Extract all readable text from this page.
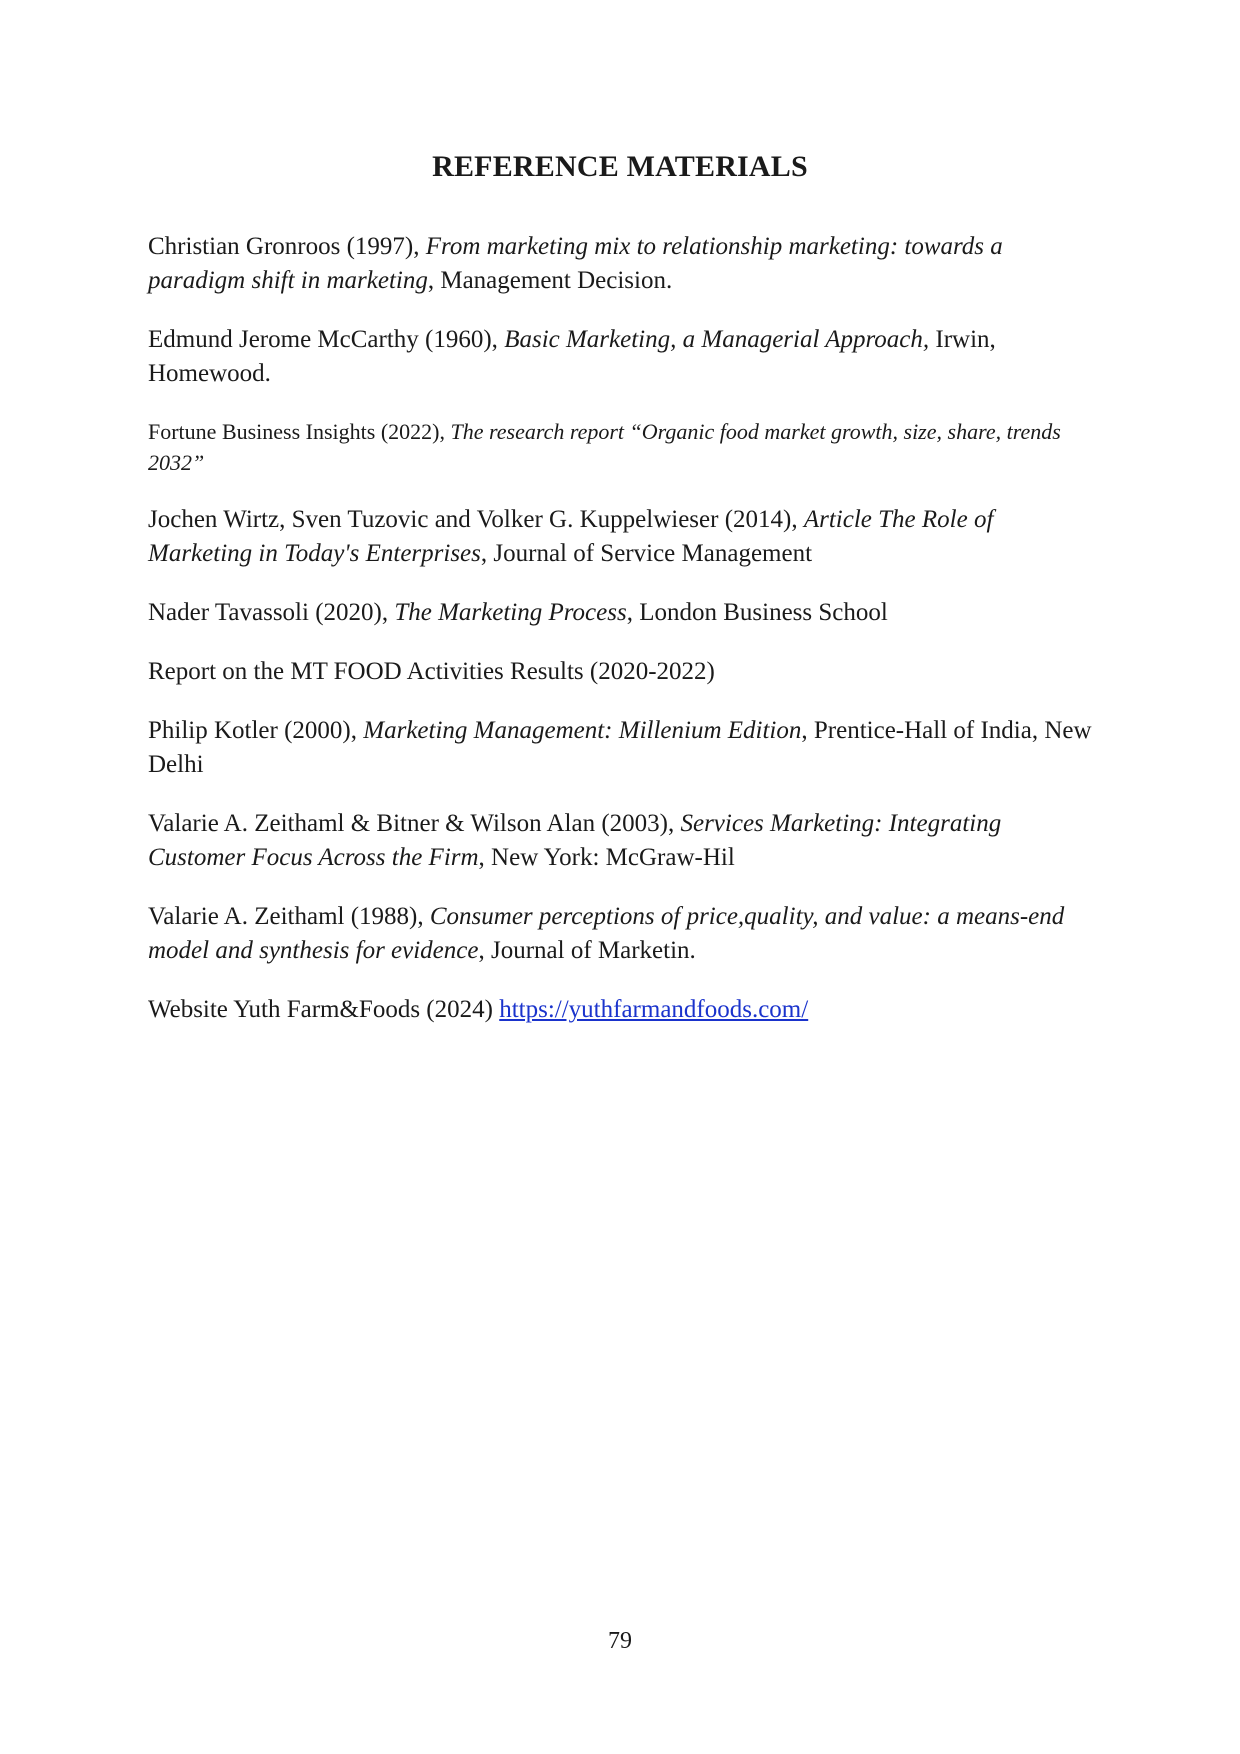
REFERENCE MATERIALS
Christian Gronroos (1997), From marketing mix to relationship marketing: towards a paradigm shift in marketing, Management Decision.
Edmund Jerome McCarthy (1960), Basic Marketing, a Managerial Approach, Irwin, Homewood.
Fortune Business Insights (2022), The research report “Organic food market growth, size, share, trends 2032”
Jochen Wirtz, Sven Tuzovic and Volker G. Kuppelwieser (2014), Article The Role of Marketing in Today's Enterprises, Journal of Service Management
Nader Tavassoli (2020), The Marketing Process, London Business School
Report on the MT FOOD Activities Results (2020-2022)
Philip Kotler (2000), Marketing Management: Millenium Edition, Prentice-Hall of India, New Delhi
Valarie A. Zeithaml & Bitner & Wilson Alan (2003), Services Marketing: Integrating Customer Focus Across the Firm, New York: McGraw-Hil
Valarie A. Zeithaml (1988), Consumer perceptions of price,quality, and value: a means-end model and synthesis for evidence, Journal of Marketin.
Website Yuth Farm&Foods (2024) https://yuthfarmandfoods.com/
79
